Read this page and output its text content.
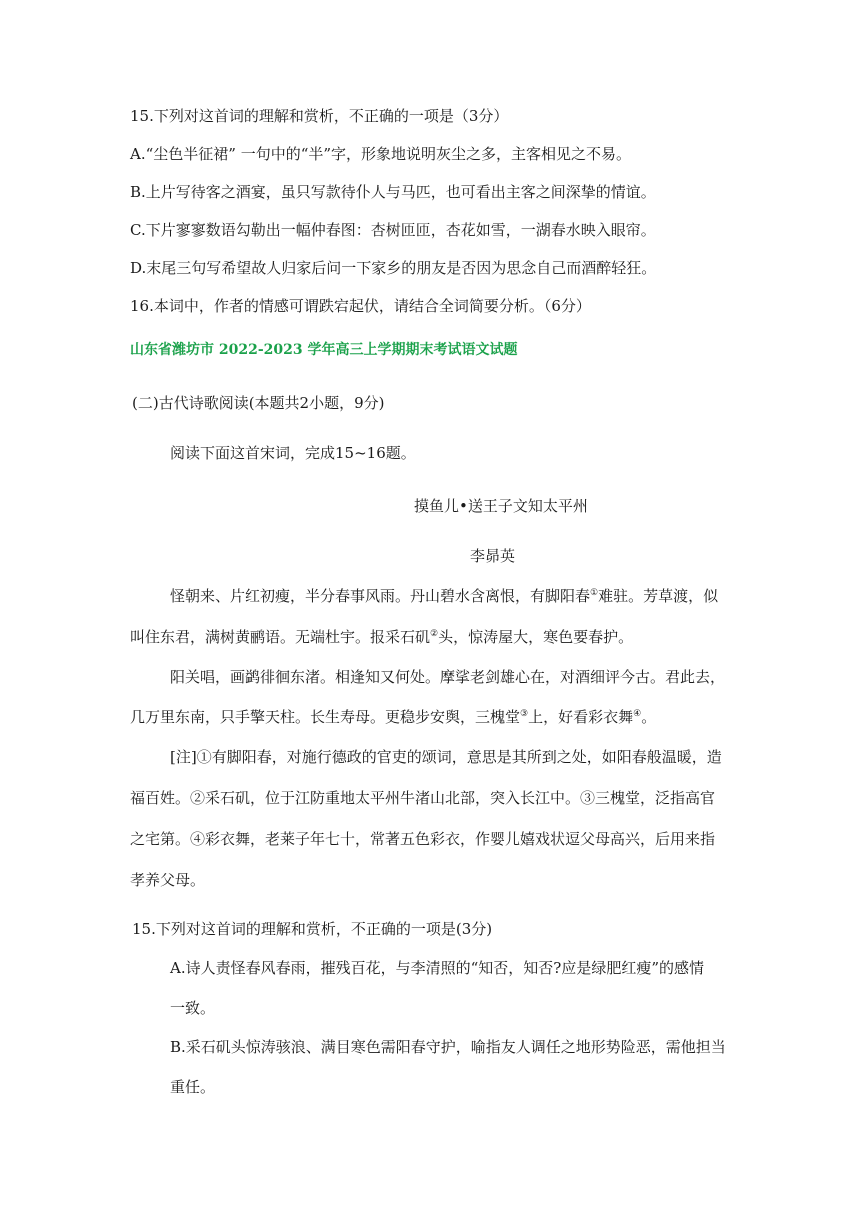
15.下列对这首词的理解和赏析，不正确的一项是（3分）
A.“尘色半征裙” 一句中的“半”字，形象地说明灰尘之多，主客相见之不易。
B.上片写待客之酒宴，虽只写款待仆人与马匹，也可看出主客之间深挚的情谊。
C.下片寥寥数语勾勒出一幅仲春图：杏树匝匝，杏花如雪，一湖春水映入眼帘。
D.末尾三句写希望故人归家后问一下家乡的朋友是否因为思念自己而酒醉轻狂。
16.本词中，作者的情感可谓跌宕起伏，请结合全词简要分析。（6分）
山东省潍坊市 2022-2023 学年高三上学期期末考试语文试题
(二)古代诗歌阅读(本题共2小题，9分)
阅读下面这首宋词，完成15~16题。
摸鱼儿•送王子文知太平州
李昴英
怪朝来、片红初瘦，半分春事风雨。丹山碧水含离恨，有脚阳春①难驻。芳草渡，似
叫住东君，满树黄鹂语。无端杜宇。报采石矶②头，惊涛屋大，寒色要春护。
阳关唱，画鹢徘徊东渚。相逢知又何处。摩挲老剑雄心在，对酒细评今古。君此去，
几万里东南，只手擎天柱。长生寿母。更稳步安舆，三槐堂③上，好看彩衣舞④。
[注]①有脚阳春，对施行德政的官吏的颂词，意思是其所到之处，如阳春般温暖，造
福百姓。②采石矶，位于江防重地太平州牛渚山北部，突入长江中。③三槐堂，泛指高官
之宅第。④彩衣舞，老莱子年七十，常著五色彩衣，作婴儿嬉戏状逗父母高兴，后用来指
孝养父母。
15.下列对这首词的理解和赏析，不正确的一项是(3分)
A.诗人责怪春风春雨，摧残百花，与李清照的“知否，知否?应是绿肥红瘦”的感情
一致。
B.采石矶头惊涛骇浪、满目寒色需阳春守护，喻指友人调任之地形势险恶，需他担当
重任。
